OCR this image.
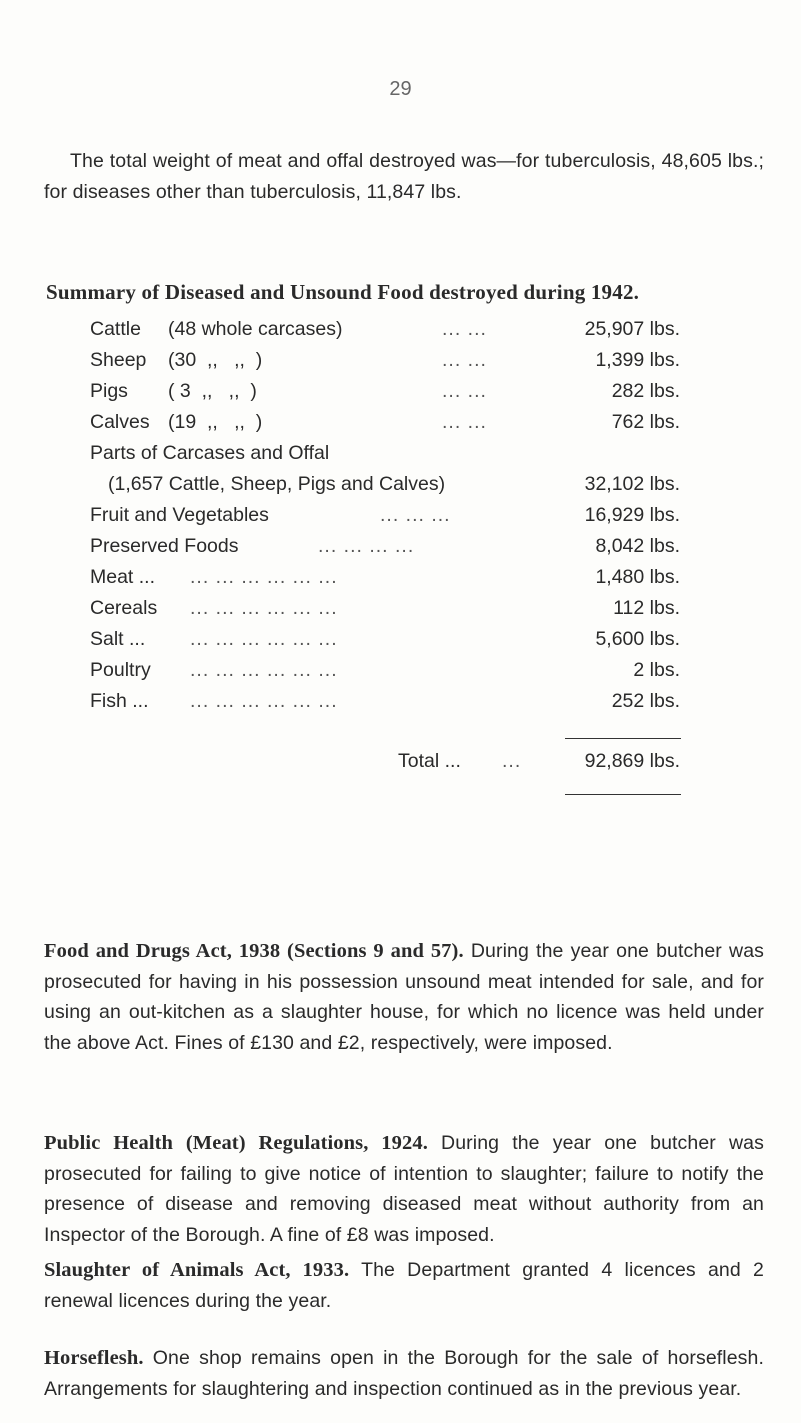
29
The total weight of meat and offal destroyed was—for tuberculosis, 48,605 lbs.; for diseases other than tuberculosis, 11,847 lbs.
Summary of Diseased and Unsound Food destroyed during 1942.
Cattle (48 whole carcases)	... ...	25,907 lbs.
Sheep (30  ,,   ,,  )	... ...	1,399 lbs.
Pigs ( 3  ,,   ,,  )	... ...	282 lbs.
Calves (19  ,,   ,,  )	... ...	762 lbs.
Parts of Carcases and Offal
(1,657 Cattle, Sheep, Pigs and Calves)	32,102 lbs.
Fruit and Vegetables	... ... ...	16,929 lbs.
Preserved Foods	... ... ... ...	8,042 lbs.
Meat ... ... ... ... ... ... ...	1,480 lbs.
Cereals ... ... ... ... ... ...	112 lbs.
Salt ... ... ... ... ... ... ...	5,600 lbs.
Poultry ... ... ... ... ... ...	2 lbs.
Fish ... ... ... ... ... ... ...	252 lbs.
Total ... ...	92,869 lbs.
Food and Drugs Act, 1938 (Sections 9 and 57). During the year one butcher was prosecuted for having in his possession unsound meat intended for sale, and for using an out-kitchen as a slaughter house, for which no licence was held under the above Act. Fines of £130 and £2, respectively, were imposed.
Public Health (Meat) Regulations, 1924. During the year one butcher was prosecuted for failing to give notice of intention to slaughter; failure to notify the presence of disease and removing diseased meat without authority from an Inspector of the Borough. A fine of £8 was imposed.
Slaughter of Animals Act, 1933. The Department granted 4 licences and 2 renewal licences during the year.
Horseflesh. One shop remains open in the Borough for the sale of horseflesh. Arrangements for slaughtering and inspection continued as in the previous year.
